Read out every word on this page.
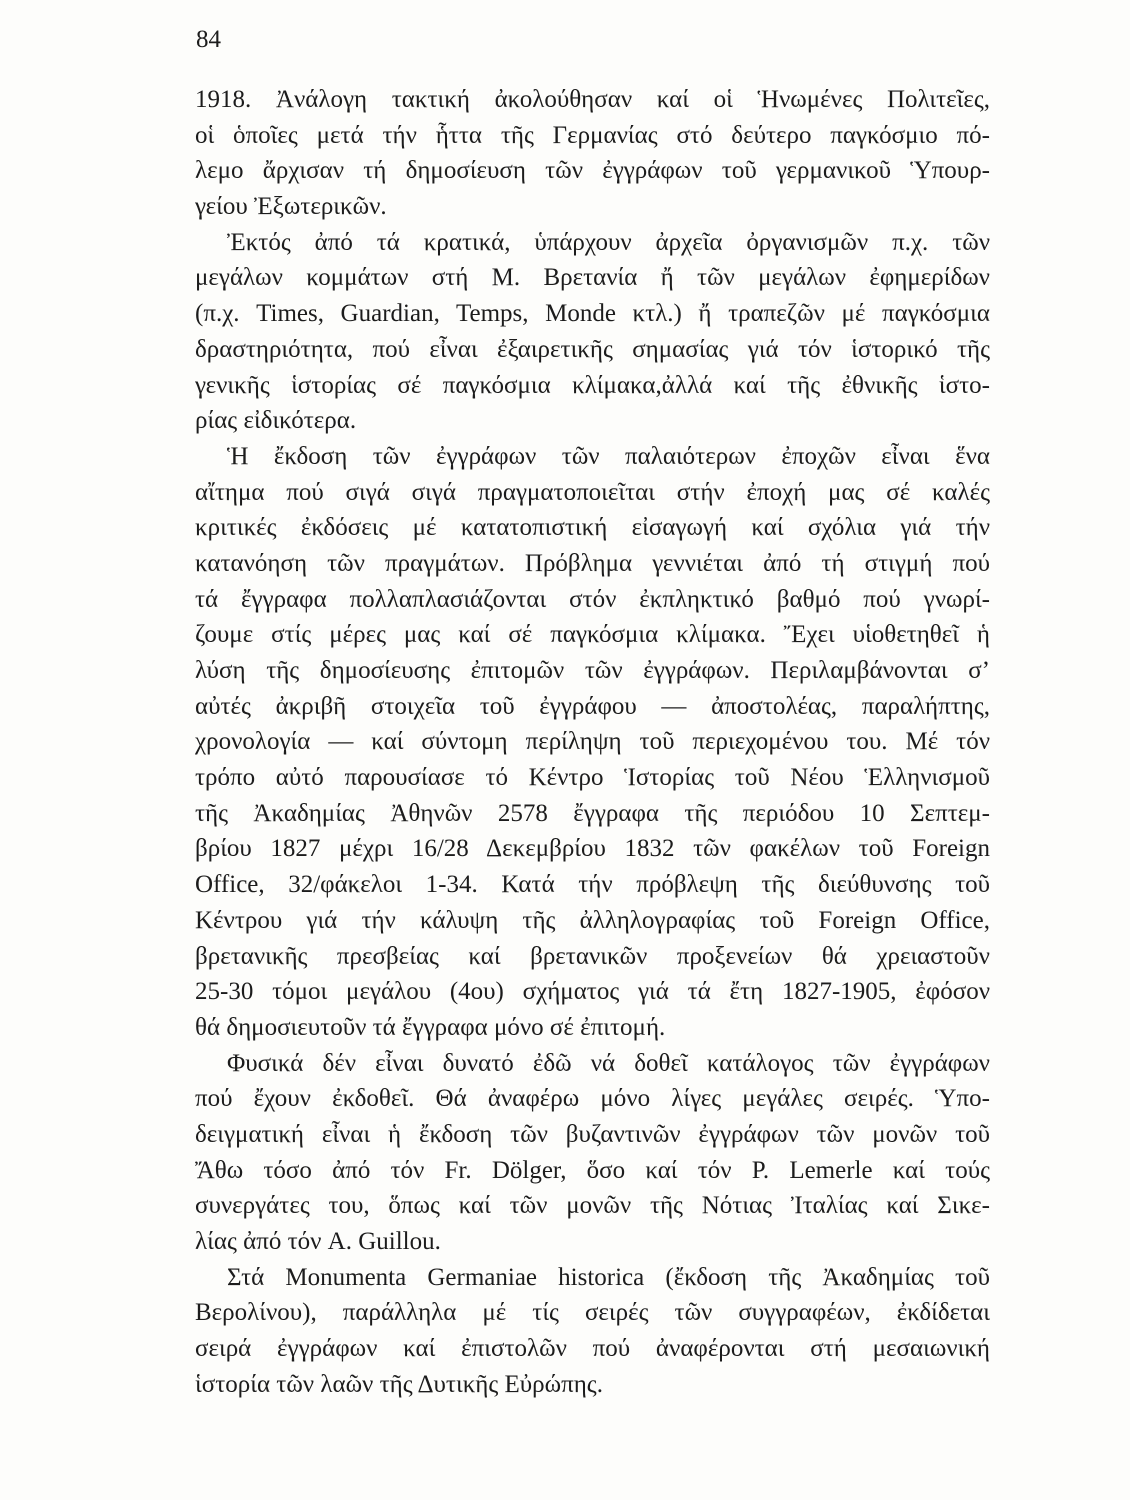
84
1918. Ἀνάλογη τακτική ἀκολούθησαν καί οἱ Ἡνωμένες Πολιτεῖες,
οἱ ὁποῖες μετά τήν ἧττα τῆς Γερμανίας στό δεύτερο παγκόσμιο πό-
λεμο ἄρχισαν τή δημοσίευση τῶν ἐγγράφων τοῦ γερμανικοῦ Ὑπουρ-
γείου Ἐξωτερικῶν.
Ἐκτός ἀπό τά κρατικά, ὑπάρχουν ἀρχεῖα ὀργανισμῶν π.χ. τῶν
μεγάλων κομμάτων στή Μ. Βρετανία ἤ τῶν μεγάλων ἐφημερίδων
(π.χ. Times, Guardian, Temps, Monde κτλ.) ἤ τραπεζῶν μέ παγκόσμια
δραστηριότητα, πού εἶναι ἐξαιρετικῆς σημασίας γιά τόν ἱστορικό τῆς
γενικῆς ἱστορίας σέ παγκόσμια κλίμακα,ἀλλά καί τῆς ἐθνικῆς ἱστο-
ρίας εἰδικότερα.
Ἡ ἔκδοση τῶν ἐγγράφων τῶν παλαιότερων ἐποχῶν εἶναι ἕνα
αἴτημα πού σιγά σιγά πραγματοποιεῖται στήν ἐποχή μας σέ καλές
κριτικές ἐκδόσεις μέ κατατοπιστική εἰσαγωγή καί σχόλια γιά τήν
κατανόηση τῶν πραγμάτων. Πρόβλημα γεννιέται ἀπό τή στιγμή πού
τά ἔγγραφα πολλαπλασιάζονται στόν ἐκπληκτικό βαθμό πού γνωρί-
ζουμε στίς μέρες μας καί σέ παγκόσμια κλίμακα. Ἔχει υἱοθετηθεῖ ἡ
λύση τῆς δημοσίευσης ἐπιτομῶν τῶν ἐγγράφων. Περιλαμβάνονται σ’
αὐτές ἀκριβῆ στοιχεῖα τοῦ ἐγγράφου — ἀποστολέας, παραλήπτης,
χρονολογία — καί σύντομη περίληψη τοῦ περιεχομένου του. Μέ τόν
τρόπο αὐτό παρουσίασε τό Κέντρο Ἱστορίας τοῦ Νέου Ἑλληνισμοῦ
τῆς Ἀκαδημίας Ἀθηνῶν 2578 ἔγγραφα τῆς περιόδου 10 Σεπτεμ-
βρίου 1827 μέχρι 16/28 Δεκεμβρίου 1832 τῶν φακέλων τοῦ Foreign
Office, 32/φάκελοι 1-34. Κατά τήν πρόβλεψη τῆς διεύθυνσης τοῦ
Κέντρου γιά τήν κάλυψη τῆς ἀλληλογραφίας τοῦ Foreign Office,
βρετανικῆς πρεσβείας καί βρετανικῶν προξενείων θά χρειαστοῦν
25-30 τόμοι μεγάλου (4ου) σχήματος γιά τά ἔτη 1827-1905, ἐφόσον
θά δημοσιευτοῦν τά ἔγγραφα μόνο σέ ἐπιτομή.
Φυσικά δέν εἶναι δυνατό ἐδῶ νά δοθεῖ κατάλογος τῶν ἐγγράφων
πού ἔχουν ἐκδοθεῖ. Θά ἀναφέρω μόνο λίγες μεγάλες σειρές. Ὑπο-
δειγματική εἶναι ἡ ἔκδοση τῶν βυζαντινῶν ἐγγράφων τῶν μονῶν τοῦ
Ἄθω τόσο ἀπό τόν Fr. Dölger, ὅσο καί τόν P. Lemerle καί τούς
συνεργάτες του, ὅπως καί τῶν μονῶν τῆς Νότιας Ἰταλίας καί Σικε-
λίας ἀπό τόν A. Guillou.
Στά Monumenta Germaniae historica (ἔκδοση τῆς Ἀκαδημίας τοῦ
Βερολίνου), παράλληλα μέ τίς σειρές τῶν συγγραφέων, ἐκδίδεται
σειρά ἐγγράφων καί ἐπιστολῶν πού ἀναφέρονται στή μεσαιωνική
ἱστορία τῶν λαῶν τῆς Δυτικῆς Εὐρώπης.
